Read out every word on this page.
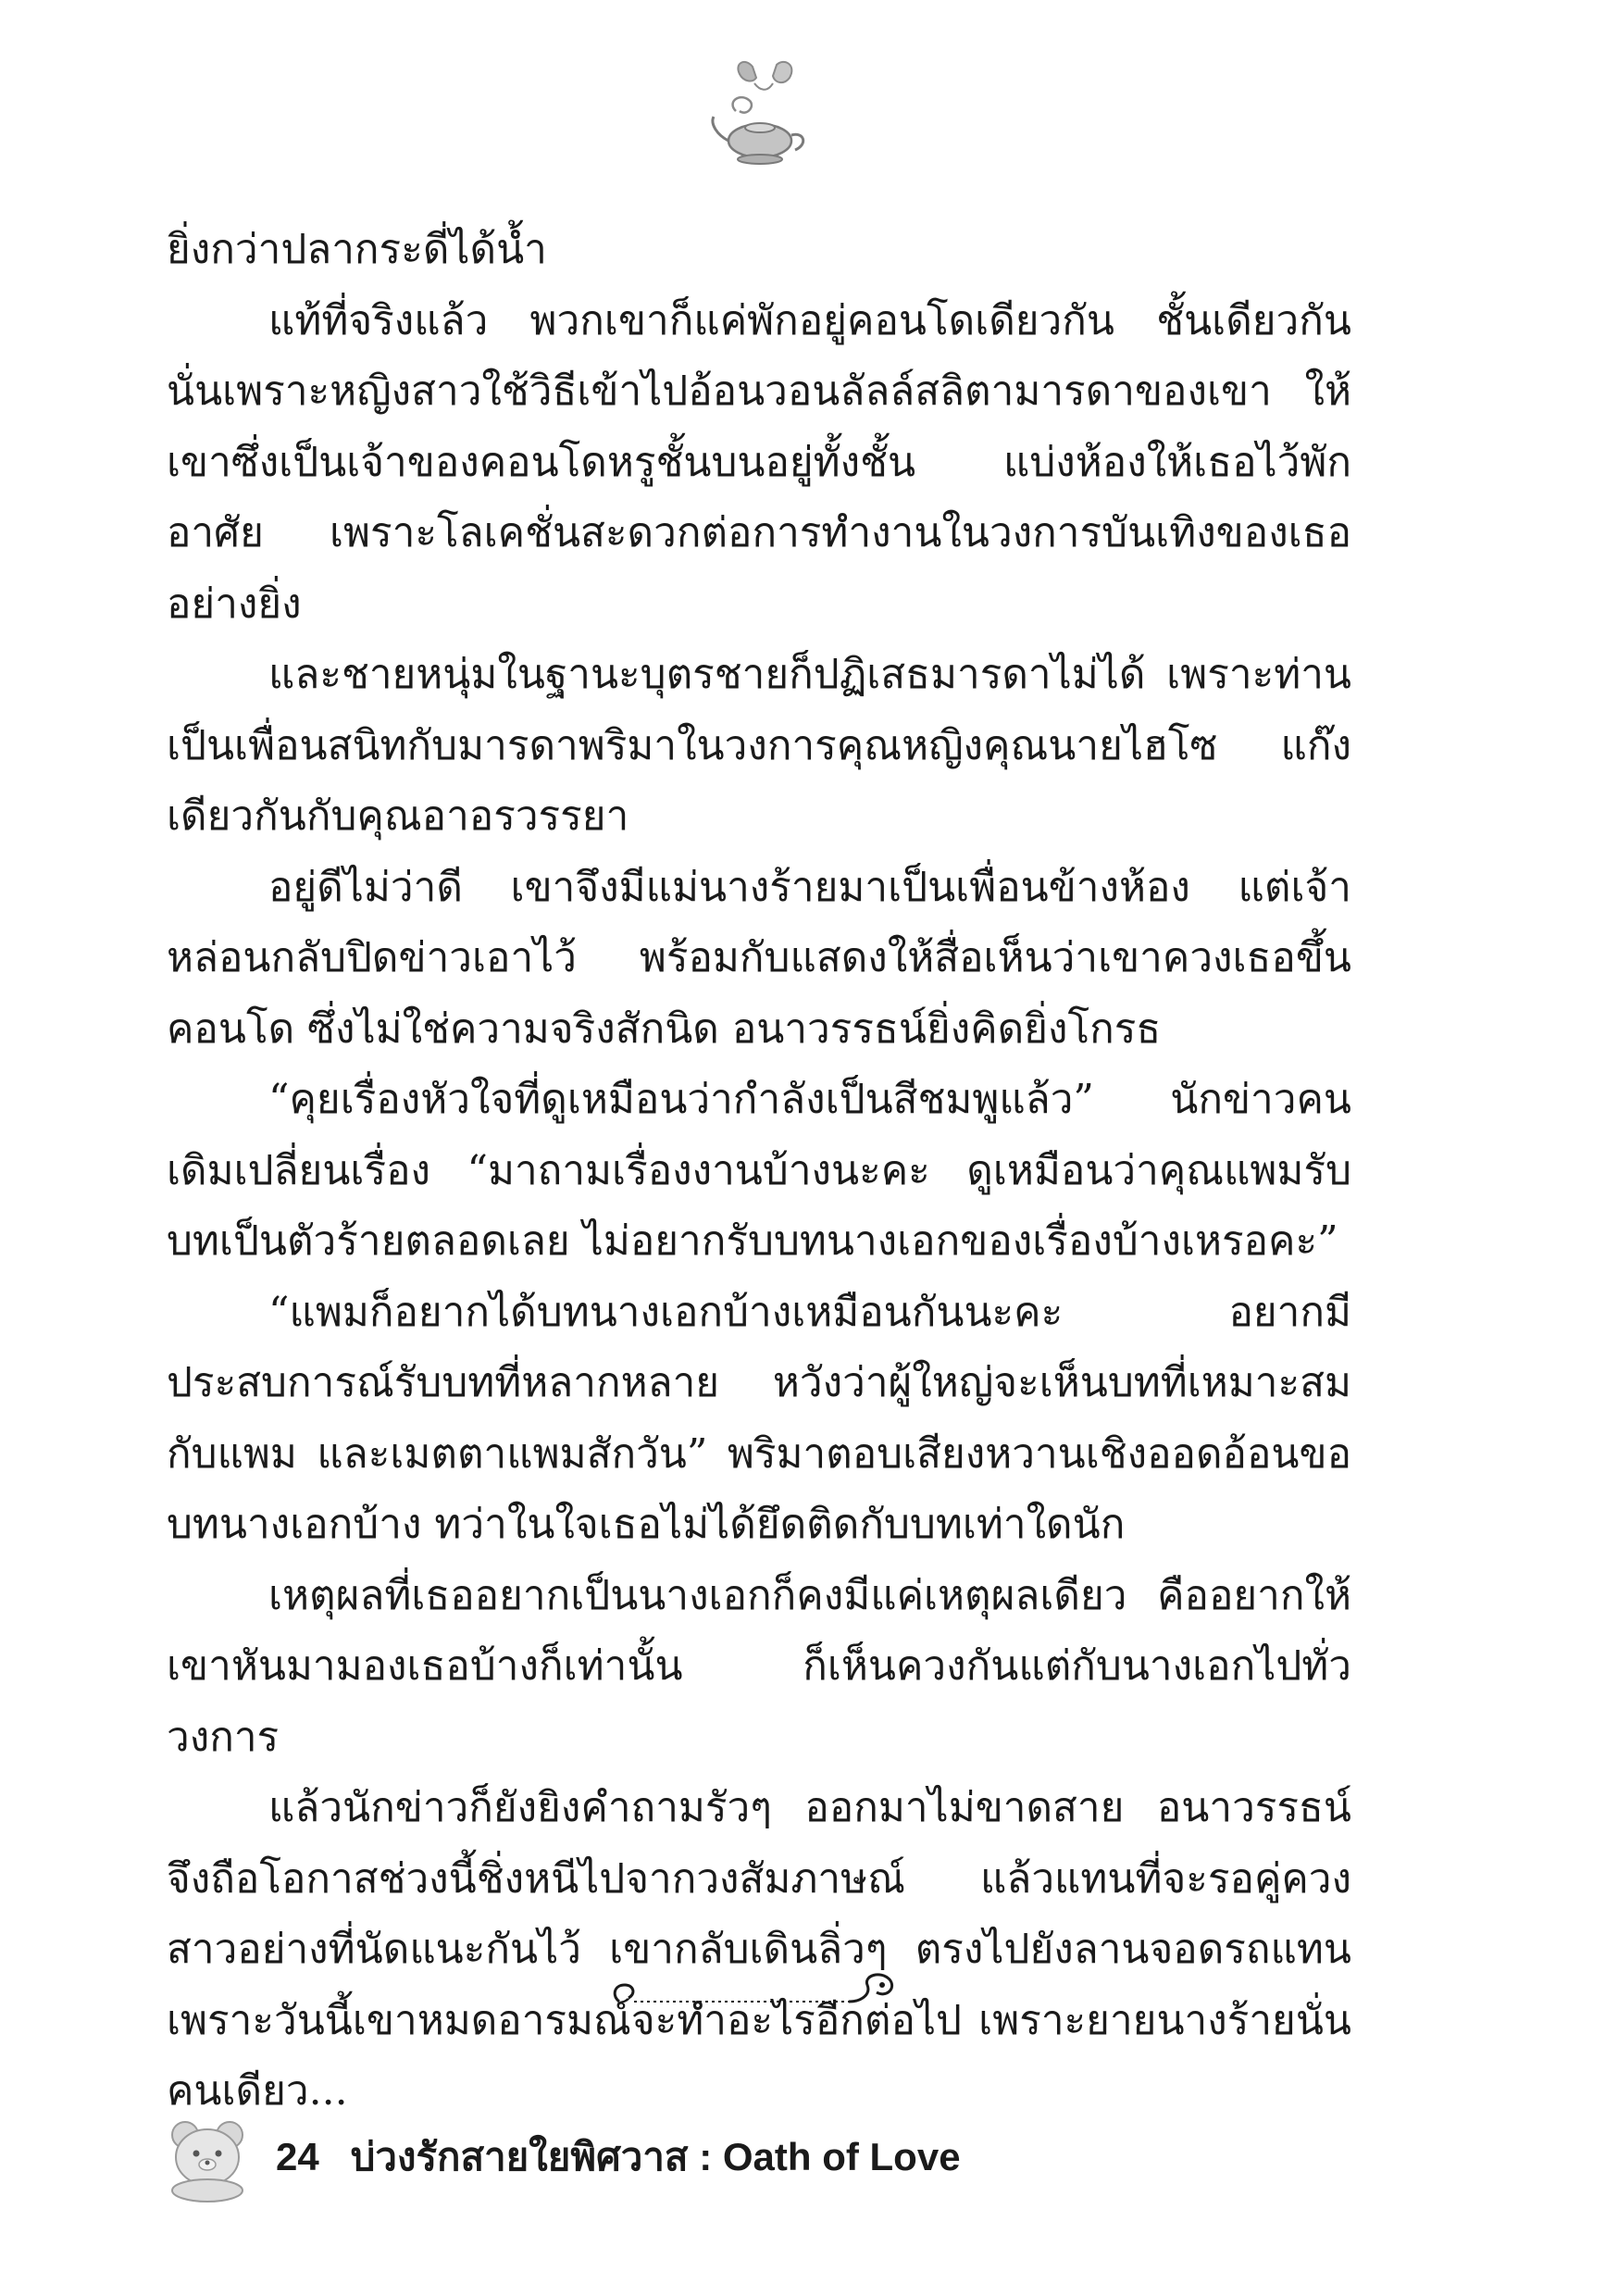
ยิ่งกว่าปลากระดี่ได้น้ำ

แท้ที่จริงแล้ว พวกเขาก็แค่พักอยู่คอนโดเดียวกัน ชั้นเดียวกัน นั่นเพราะหญิงสาวใช้วิธีเข้าไปอ้อนวอนลัลล์สลิตามารดาของเขา ให้เขาซึ่งเป็นเจ้าของคอนโดหรูชั้นบนอยู่ทั้งชั้น แบ่งห้องให้เธอไว้พักอาศัย เพราะโลเคชั่นสะดวกต่อการทำงานในวงการบันเทิงของเธออย่างยิ่ง

และชายหนุ่มในฐานะบุตรชายก็ปฏิเสธมารดาไม่ได้ เพราะท่านเป็นเพื่อนสนิทกับมารดาพริมาในวงการคุณหญิงคุณนายไฮโซ แก๊งเดียวกันกับคุณอาอรวรรยา

อยู่ดีไม่ว่าดี เขาจึงมีแม่นางร้ายมาเป็นเพื่อนข้างห้อง แต่เจ้าหล่อนกลับปิดข่าวเอาไว้ พร้อมกับแสดงให้สื่อเห็นว่าเขาควงเธอขึ้นคอนโด ซึ่งไม่ใช่ความจริงสักนิด อนาวรรธน์ยิ่งคิดยิ่งโกรธ

“คุยเรื่องหัวใจที่ดูเหมือนว่ากำลังเป็นสีชมพูแล้ว” นักข่าวคนเดิมเปลี่ยนเรื่อง “มาถามเรื่องงานบ้างนะคะ ดูเหมือนว่าคุณแพมรับบทเป็นตัวร้ายตลอดเลย ไม่อยากรับบทนางเอกของเรื่องบ้างเหรอคะ”

“แพมก็อยากได้บทนางเอกบ้างเหมือนกันนะคะ อยากมีประสบการณ์รับบทที่หลากหลาย หวังว่าผู้ใหญ่จะเห็นบทที่เหมาะสมกับแพม และเมตตาแพมสักวัน” พริมาตอบเสียงหวานเชิงออดอ้อนขอบทนางเอกบ้าง ทว่าในใจเธอไม่ได้ยึดติดกับบทเท่าใดนัก

เหตุผลที่เธออยากเป็นนางเอกก็คงมีแค่เหตุผลเดียว คืออยากให้เขาหันมามองเธอบ้างก็เท่านั้น ก็เห็นควงกันแต่กับนางเอกไปทั่ววงการ

แล้วนักข่าวก็ยังยิงคำถามรัวๆ ออกมาไม่ขาดสาย อนาวรรธน์จึงถือโอกาสช่วงนี้ชิ่งหนีไปจากวงสัมภาษณ์ แล้วแทนที่จะรอคู่ควงสาวอย่างที่นัดแนะกันไว้ เขากลับเดินลิ่วๆ ตรงไปยังลานจอดรถแทน เพราะวันนี้เขาหมดอารมณ์จะทำอะไรอีกต่อไป เพราะยายนางร้ายนั่นคนเดียว...

24 บ่วงรักสายใยพิศวาส : Oath of Love
